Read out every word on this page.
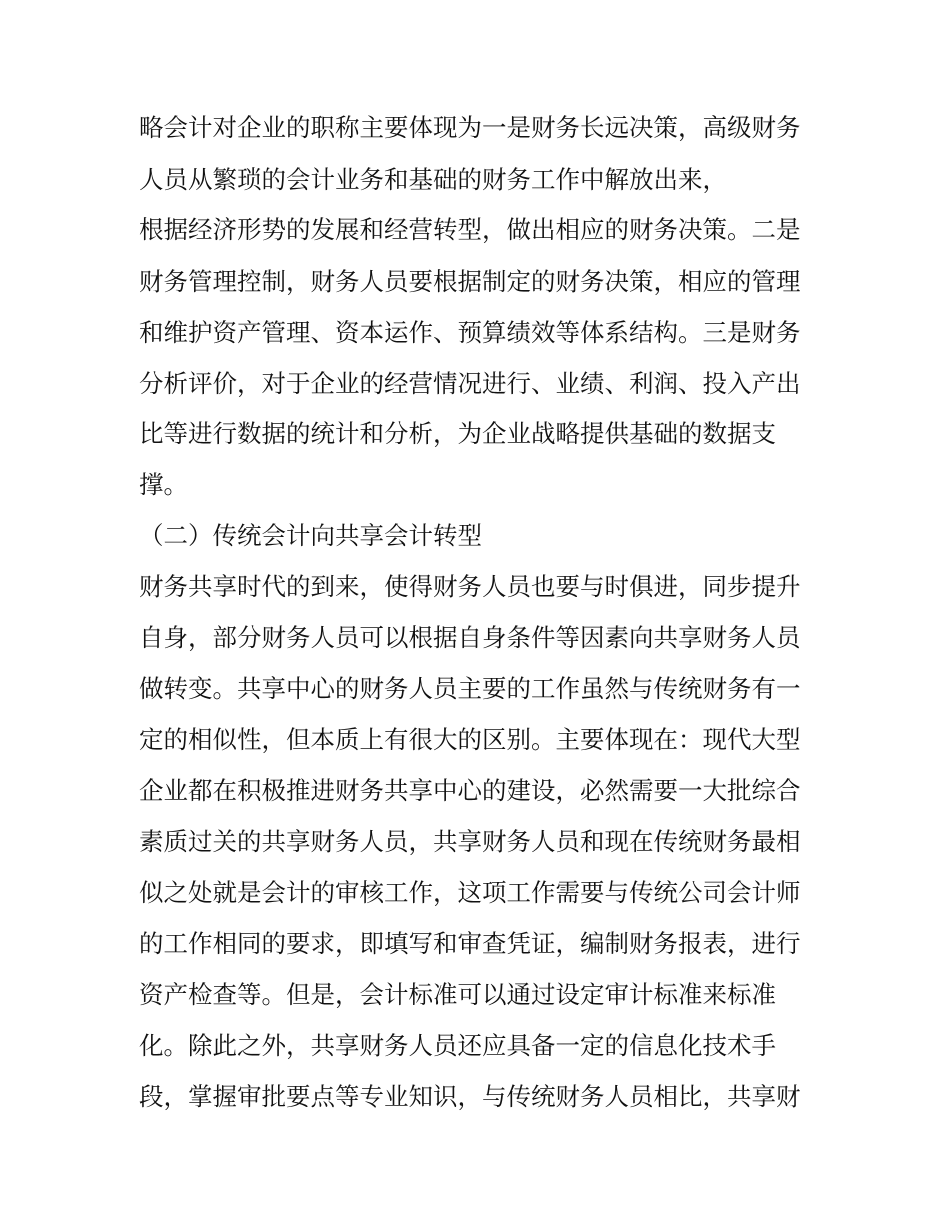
略会计对企业的职称主要体现为一是财务长远决策，高级财务
人员从繁琐的会计业务和基础的财务工作中解放出来，
根据经济形势的发展和经营转型，做出相应的财务决策。二是
财务管理控制，财务人员要根据制定的财务决策，相应的管理
和维护资产管理、资本运作、预算绩效等体系结构。三是财务
分析评价，对于企业的经营情况进行、业绩、利润、投入产出
比等进行数据的统计和分析，为企业战略提供基础的数据支
撑。
（二）传统会计向共享会计转型
财务共享时代的到来，使得财务人员也要与时俱进，同步提升
自身，部分财务人员可以根据自身条件等因素向共享财务人员
做转变。共享中心的财务人员主要的工作虽然与传统财务有一
定的相似性，但本质上有很大的区别。主要体现在：现代大型
企业都在积极推进财务共享中心的建设，必然需要一大批综合
素质过关的共享财务人员，共享财务人员和现在传统财务最相
似之处就是会计的审核工作，这项工作需要与传统公司会计师
的工作相同的要求，即填写和审查凭证，编制财务报表，进行
资产检查等。但是，会计标准可以通过设定审计标准来标准
化。除此之外，共享财务人员还应具备一定的信息化技术手
段，掌握审批要点等专业知识，与传统财务人员相比，共享财
